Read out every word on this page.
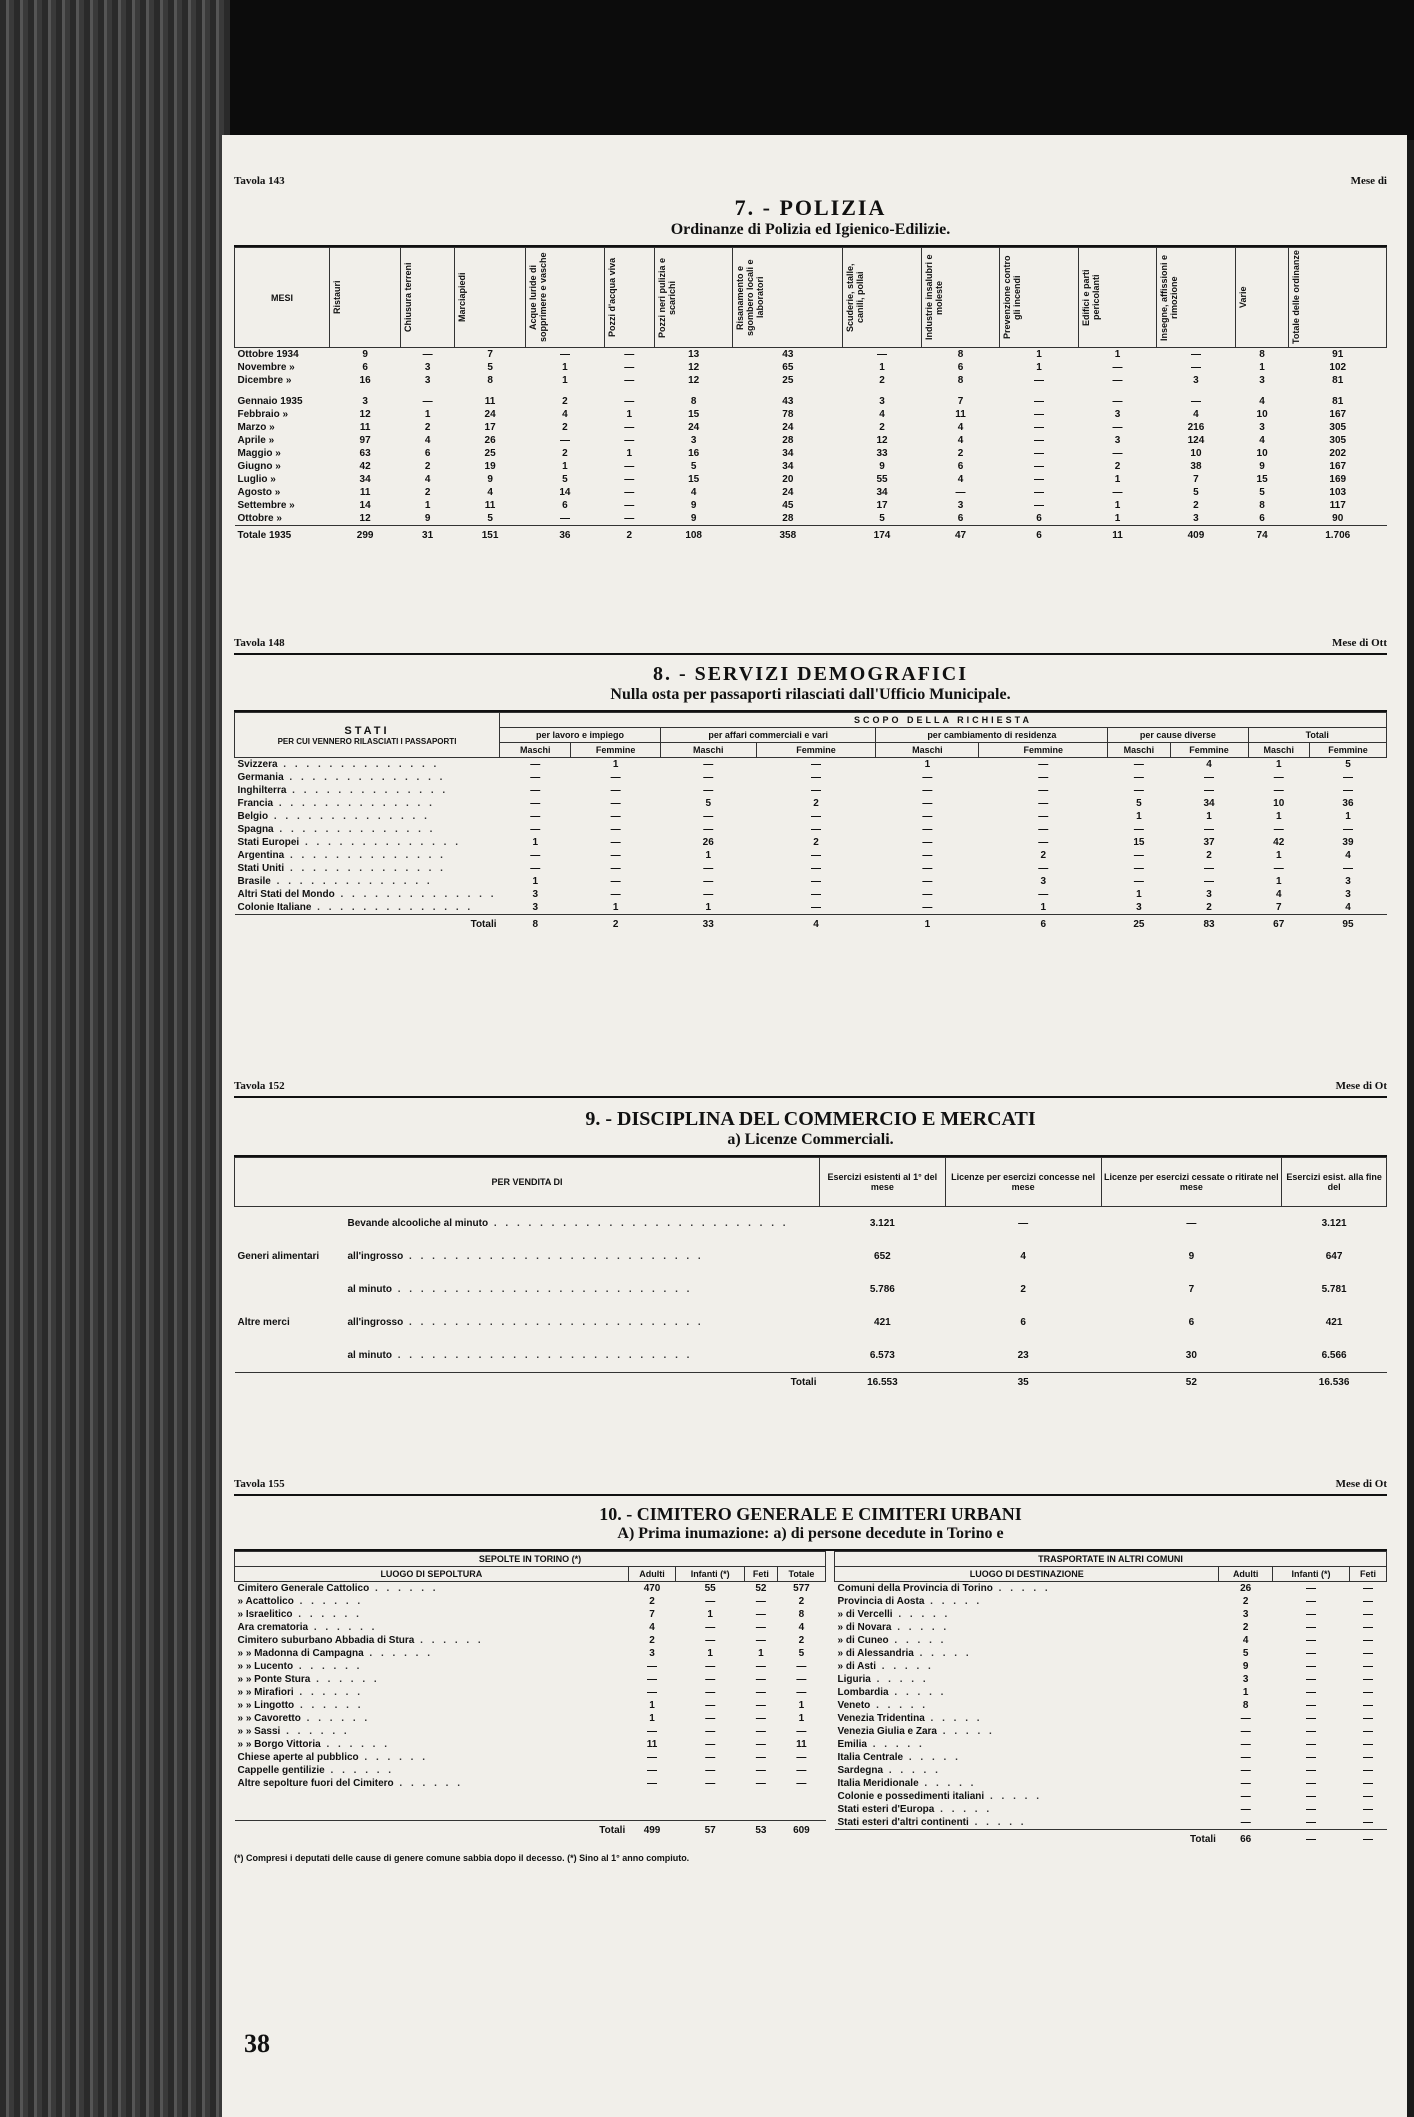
Tavola 143	Mese di
7. - POLIZIA
Ordinanze di Polizia ed Igienico-Edilizie.
MESI	Ristauri	Chiusura terreni	Marciapiedi	Acque luride di sopprimere e vasche	Pozzi d'acqua viva	Pozzi neri pulizia e scarichi	Risanamento e sgombero locali e laboratori	Scuderie, stalle, canili, pollai	Industrie insalubri e moleste	Prevenzione contro gli incendi	Edifici e parti pericolanti	Insegne, affissioni e rimozione	Varie	Totale delle ordinanze

Ottobre 1934	9	—	7	—	—	13	43	—	8	1	1	—	8	91
Novembre »	6	3	5	1	—	12	65	1	6	1	—	—	1	102
Dicembre »	16	3	8	1	—	12	25	2	8	—	—	3	3	81
Gennaio 1935	3	—	11	2	—	8	43	3	7	—	—	—	4	81
Febbraio »	12	1	24	4	1	15	78	4	11	—	3	4	10	167
Marzo »	11	2	17	2	—	24	24	2	4	—	—	216	3	305
Aprile »	97	4	26	—	—	3	28	12	4	—	3	124	4	305
Maggio »	63	6	25	2	1	16	34	33	2	—	—	10	10	202
Giugno »	42	2	19	1	—	5	34	9	6	—	2	38	9	167
Luglio »	34	4	9	5	—	15	20	55	4	—	1	7	15	169
Agosto »	11	2	4	14	—	4	24	34	—	—	—	5	5	103
Settembre »	14	1	11	6	—	9	45	17	3	—	1	2	8	117
Ottobre »	12	9	5	—	—	9	28	5	6	6	1	3	6	90
Totale 1935	299	31	151	36	2	108	358	174	47	6	11	409	74	1.706
Tavola 148	Mese di Ott
8. - SERVIZI DEMOGRAFICI
Nulla osta per passaporti rilasciati dall'Ufficio Municipale.
STATI
PER CUI VENNERO RILASCIATI I PASSAPORTI	SCOPO DELLA RICHIESTA									
	per lavoro e impiego		per affari commerciali e vari		per cambiamento di residenza		per cause diverse		Totali	
	Maschi	Femmine	Maschi	Femmine	Maschi	Femmine	Maschi	Femmine	Maschi	Femmine
Svizzera . . . . . . . . . . . . . .	—	1	—	—	1	—	—	4	1	5
Germania . . . . . . . . . . . . . .	—	—	—	—	—	—	—	—	—	—
Inghilterra . . . . . . . . . . . . . .	—	—	—	—	—	—	—	—	—	—
Francia . . . . . . . . . . . . . .	—	—	5	2	—	—	5	34	10	36
Belgio . . . . . . . . . . . . . .	—	—	—	—	—	—	1	1	1	1
Spagna . . . . . . . . . . . . . .	—	—	—	—	—	—	—	—	—	—
Stati Europei . . . . . . . . . . . . . .	1	—	26	2	—	—	15	37	42	39
Argentina . . . . . . . . . . . . . .	—	—	1	—	—	2	—	2	1	4
Stati Uniti . . . . . . . . . . . . . .	—	—	—	—	—	—	—	—	—	—
Brasile . . . . . . . . . . . . . .	1	—	—	—	—	3	—	—	1	3
Altri Stati del Mondo . . . . . . . . . . . . . .	3	—	—	—	—	—	1	3	4	3
Colonie Italiane . . . . . . . . . . . . . .	3	1	1	—	—	1	3	2	7	4
Totali	8	2	33	4	1	6	25	83	67	95
Tavola 152	Mese di Ot
9. - DISCIPLINA DEL COMMERCIO E MERCATI
a) Licenze Commerciali.
PER VENDITA DI	Esercizi esistenti al 1° del mese	Licenze per esercizi concesse nel mese	Licenze per esercizi cessate o ritirate nel mese	Esercizi esist. alla fine del
Bevande alcooliche al minuto . . . . . . . . . . . . . . . . . . . . . . . . . .	3.121	—	—	3.121
Generi alimentari all'ingrosso . . . . . . . . . . . . . . . . . . . . . . . . . .	652	4	9	647
al minuto . . . . . . . . . . . . . . . . . . . . . . . . . .	5.786	2	7	5.781
Altre merci all'ingrosso . . . . . . . . . . . . . . . . . . . . . . . . . .	421	6	6	421
al minuto . . . . . . . . . . . . . . . . . . . . . . . . . .	6.573	23	30	6.566
Totali	16.553	35	52	16.536
Tavola 155	Mese di Ot
10. - CIMITERO GENERALE E CIMITERI URBANI
A) Prima inumazione: a) di persone decedute in Torino e
SEPOLTE IN TORINO (*)				
LUOGO DI SEPOLTURA	Adulti	Infanti (*)	Feti	Totale
Cimitero Generale Cattolico . . . . . .	470	55	52	577
» Acattolico . . . . . .	2	—	—	2
» Israelitico . . . . . .	7	1	—	8
Ara crematoria . . . . . .	4	—	—	4
Cimitero suburbano Abbadia di Stura . . . . . .	2	—	—	2
» » Madonna di Campagna . . . . . .	3	1	1	5
» » Lucento . . . . . .	—	—	—	—
» » Ponte Stura . . . . . .	—	—	—	—
» » Mirafiori . . . . . .	—	—	—	—
» » Lingotto . . . . . .	1	—	—	1
» » Cavoretto . . . . . .	1	—	—	1
» » Sassi . . . . . .	—	—	—	—
» » Borgo Vittoria . . . . . .	11	—	—	11
Chiese aperte al pubblico . . . . . .	—	—	—	—
Cappelle gentilizie . . . . . .	—	—	—	—
Altre sepolture fuori del Cimitero . . . . . .	—	—	—	—

Totali	499	57	53	609
TRASPORTATE IN ALTRI COMUNI			
LUOGO DI DESTINAZIONE	Adulti	Infanti (*)	Feti
Comuni della Provincia di Torino . . . . .	26	—	—
Provincia di Aosta . . . . .	2	—	—
» di Vercelli . . . . .	3	—	—
» di Novara . . . . .	2	—	—
» di Cuneo . . . . .	4	—	—
» di Alessandria . . . . .	5	—	—
» di Asti . . . . .	9	—	—
Liguria . . . . .	3	—	—
Lombardia . . . . .	1	—	—
Veneto . . . . .	8	—	—
Venezia Tridentina . . . . .	—	—	—
Venezia Giulia e Zara . . . . .	—	—	—
Emilia . . . . .	—	—	—
Italia Centrale . . . . .	—	—	—
Sardegna . . . . .	—	—	—
Italia Meridionale . . . . .	—	—	—
Colonie e possedimenti italiani . . . . .	—	—	—
Stati esteri d'Europa . . . . .	—	—	—
Stati esteri d'altri continenti . . . . .	—	—	—
Totali	66	—	—
(*) Compresi i deputati delle cause di genere comune sabbia dopo il decesso. (*) Sino al 1° anno compiuto.
38
